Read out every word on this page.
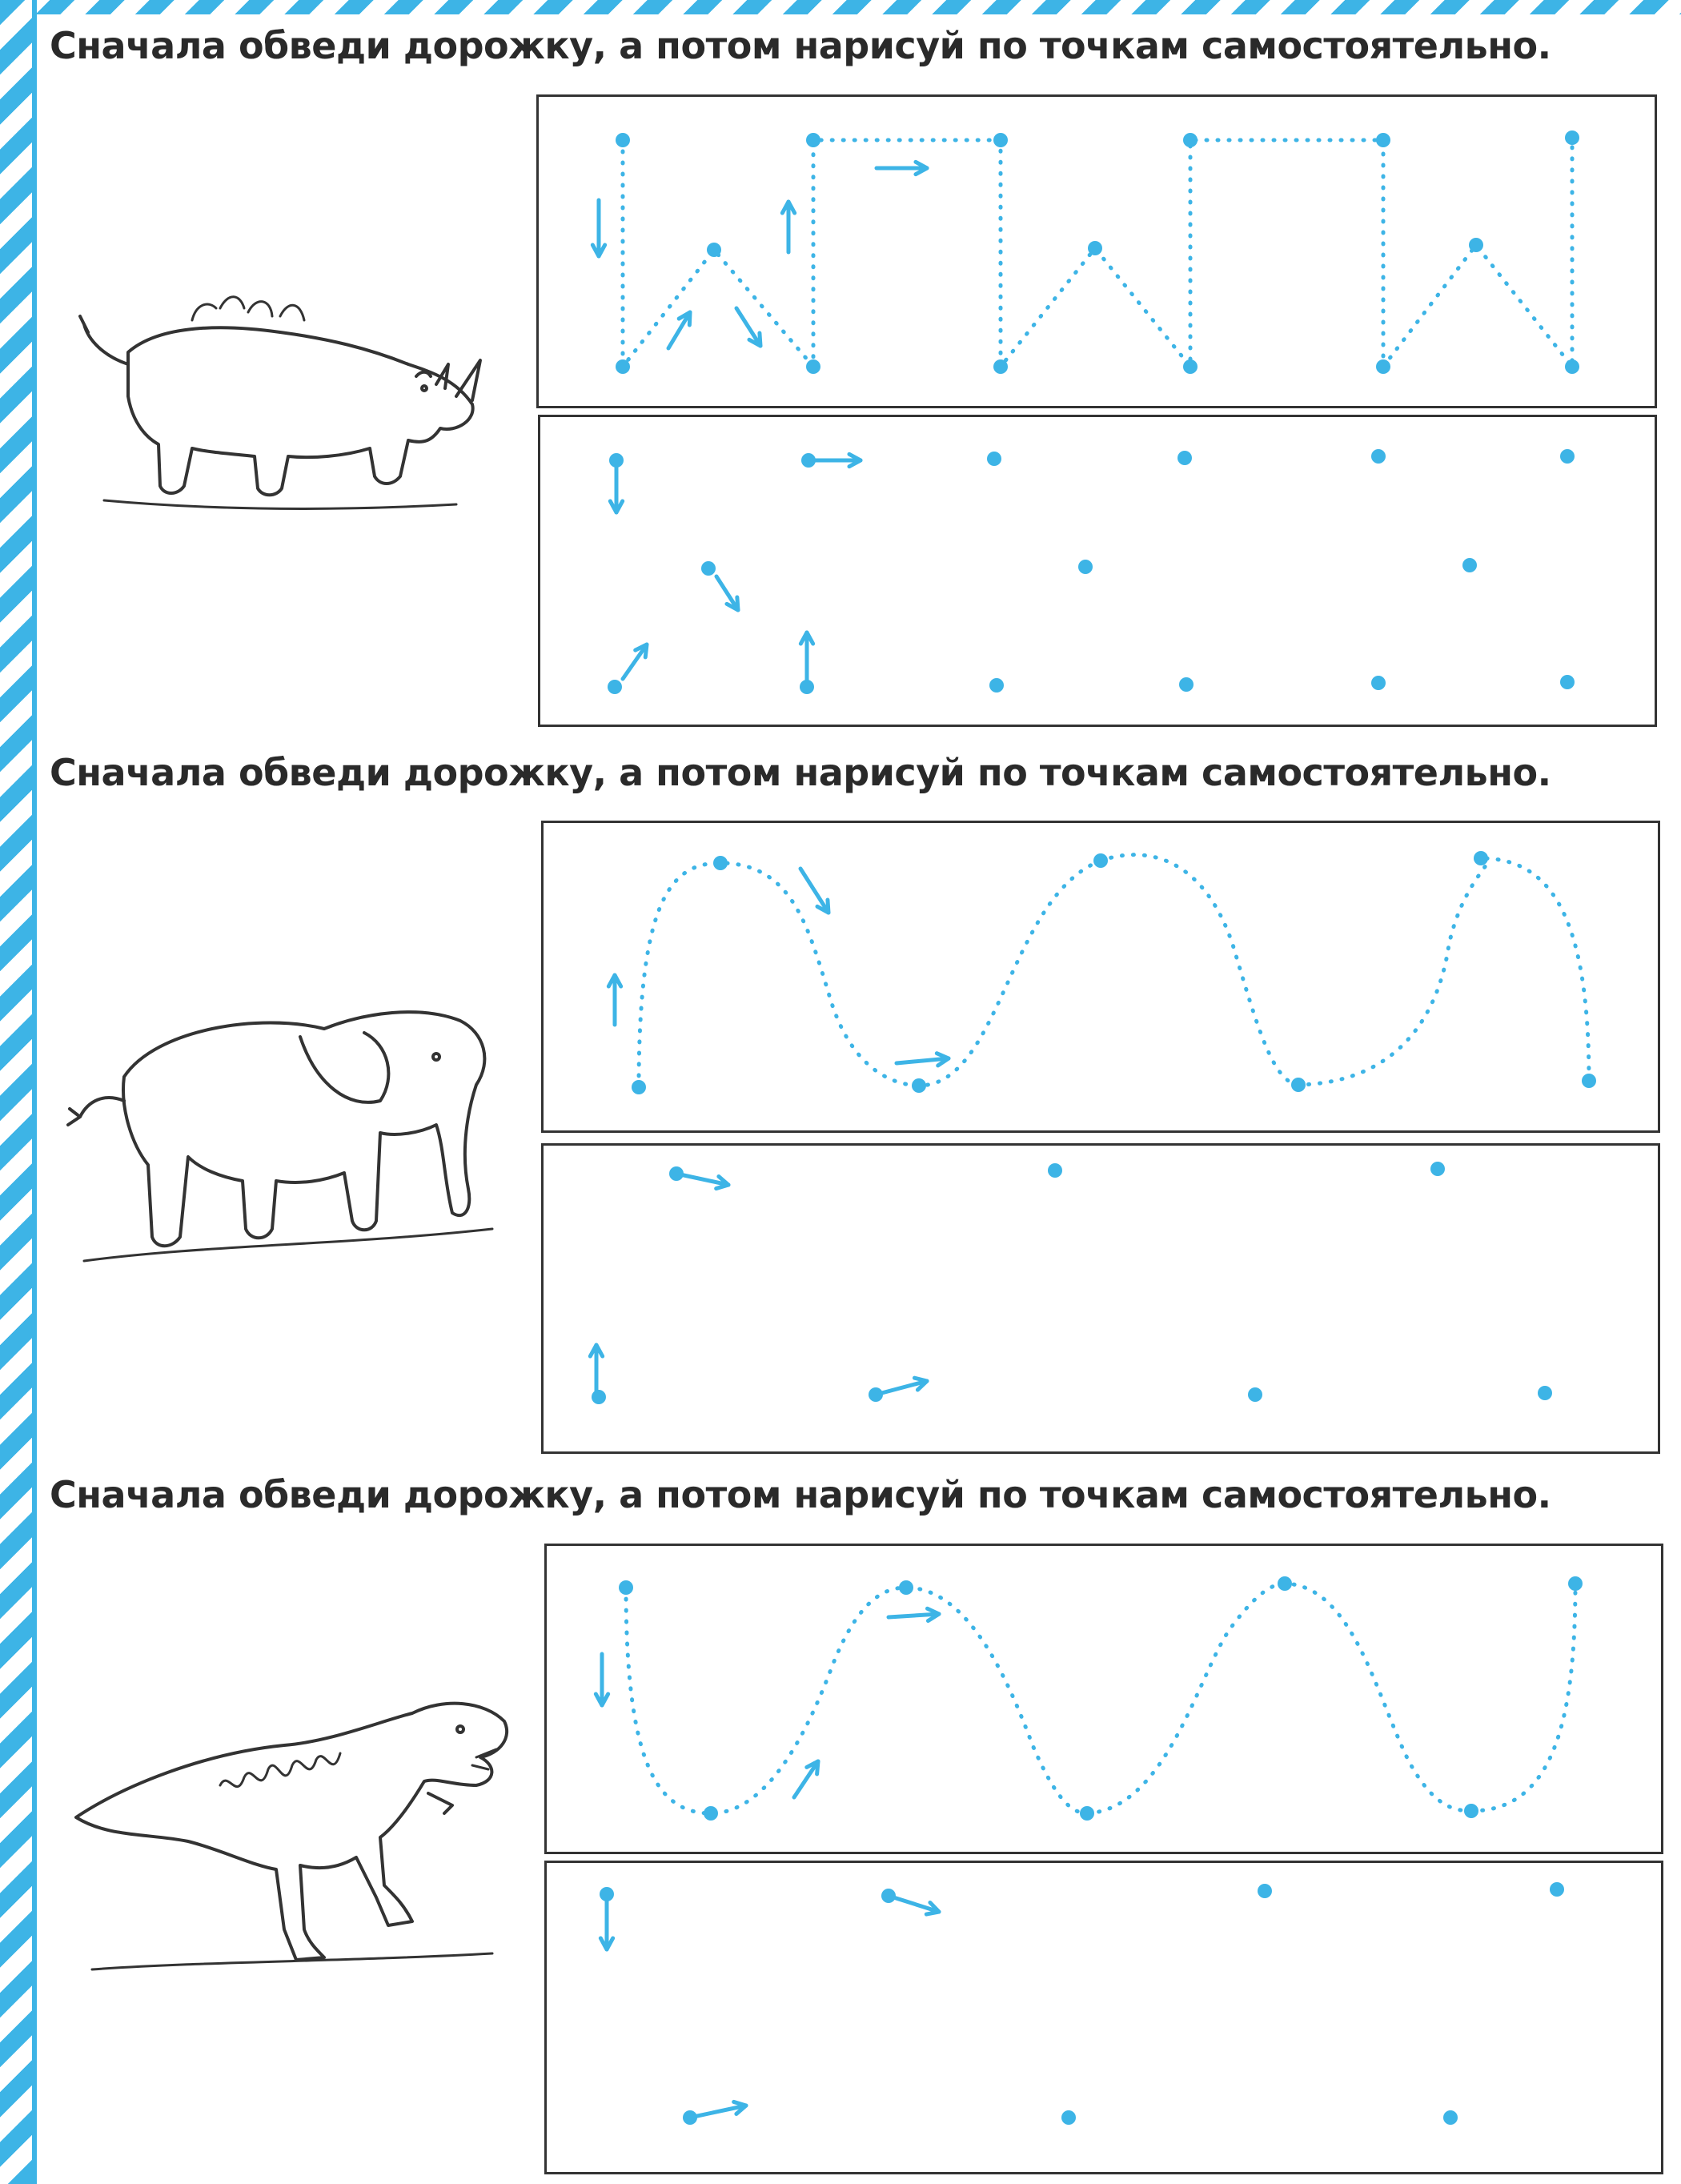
Сначала обведи дорожку, а потом нарисуй по точкам самостоятельно.
Сначала обведи дорожку, а потом нарисуй по точкам самостоятельно.
Сначала обведи дорожку, а потом нарисуй по точкам самостоятельно.
